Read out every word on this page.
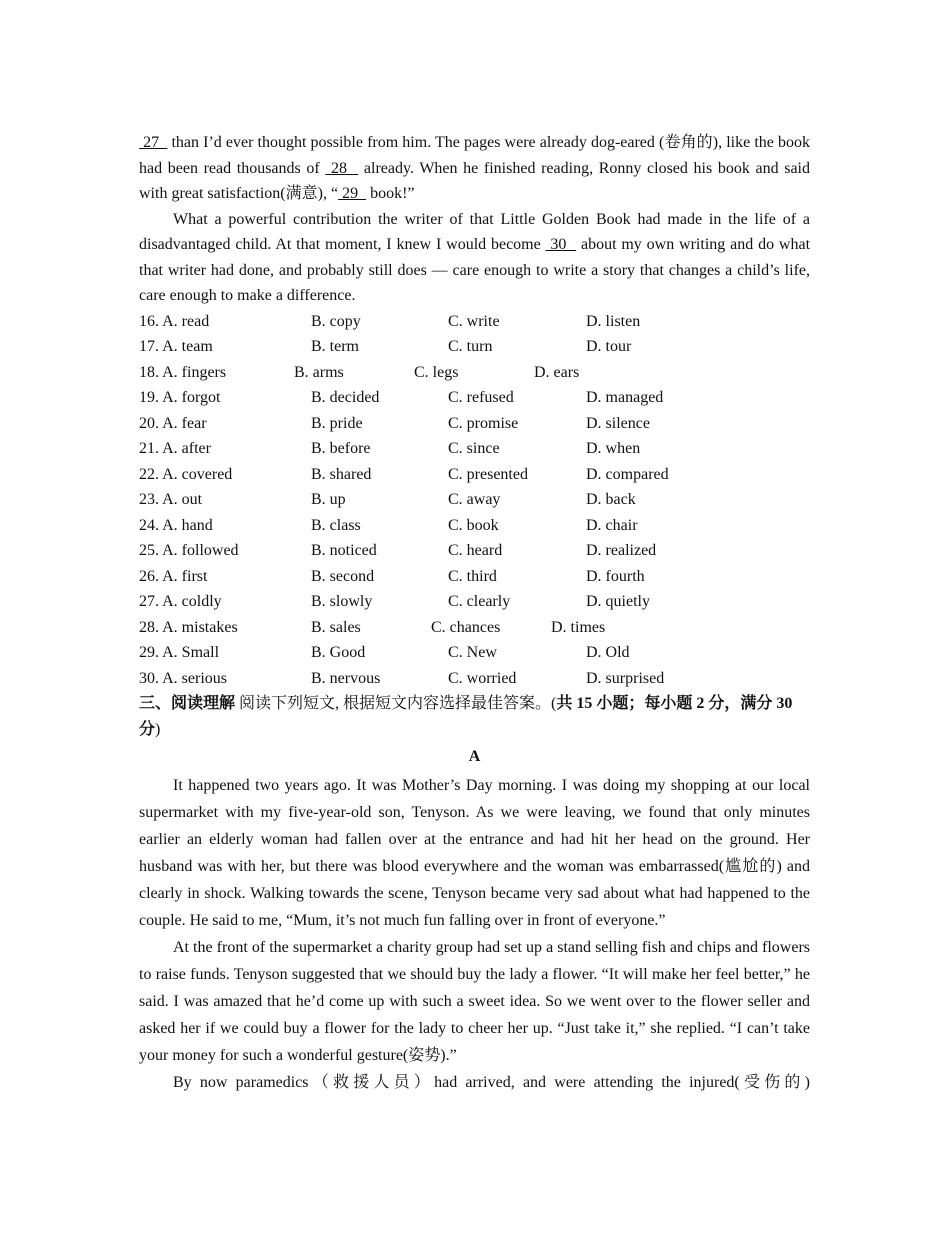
27   than I’d ever thought possible from him. The pages were already dog-eared (卷角的), like the book had been read thousands of  28   already. When he finished reading, Ronny closed his book and said with great satisfaction(满意), “ 29   book!”

What a powerful contribution the writer of that Little Golden Book had made in the life of a disadvantaged child. At that moment, I knew I would become  30   about my own writing and do what that writer had done, and probably still does — care enough to write a story that changes a child’s life, care enough to make a difference.

16. A. read	B. copy	C. write	D. listen
17. A. team	B. term	C. turn	D. tour
18. A. fingers	B. arms	C. legs	D. ears
19. A. forgot	B. decided	C. refused	D. managed
20. A. fear	B. pride	C. promise	D. silence
21. A. after	B. before	C. since	D. when
22. A. covered	B. shared	C. presented	D. compared
23. A. out	B. up	C. away	D. back
24. A. hand	B. class	C. book	D. chair
25. A. followed	B. noticed	C. heard	D. realized
26. A. first	B. second	C. third	D. fourth
27. A. coldly	B. slowly	C. clearly	D. quietly
28. A. mistakes	B. sales	C. chances	D. times
29. A. Small	B. Good	C. New	D. Old
30. A. serious	B. nervous	C. worried	D. surprised

三、阅读理解 阅读下列短文, 根据短文内容选择最佳答案。(共 15 小题；每小题 2 分，满分 30 分)

A

It happened two years ago. It was Mother’s Day morning. I was doing my shopping at our local supermarket with my five-year-old son, Tenyson. As we were leaving, we found that only minutes earlier an elderly woman had fallen over at the entrance and had hit her head on the ground. Her husband was with her, but there was blood everywhere and the woman was embarrassed(尴尬的) and clearly in shock. Walking towards the scene, Tenyson became very sad about what had happened to the couple. He said to me, “Mum, it’s not much fun falling over in front of everyone.”

At the front of the supermarket a charity group had set up a stand selling fish and chips and flowers to raise funds. Tenyson suggested that we should buy the lady a flower. “It will make her feel better,” he said. I was amazed that he’d come up with such a sweet idea. So we went over to the flower seller and asked her if we could buy a flower for the lady to cheer her up. “Just take it,” she replied. “I can’t take your money for such a wonderful gesture(姿势).”

By now paramedics（救援人员）had arrived, and were attending the injured(受伤的)
